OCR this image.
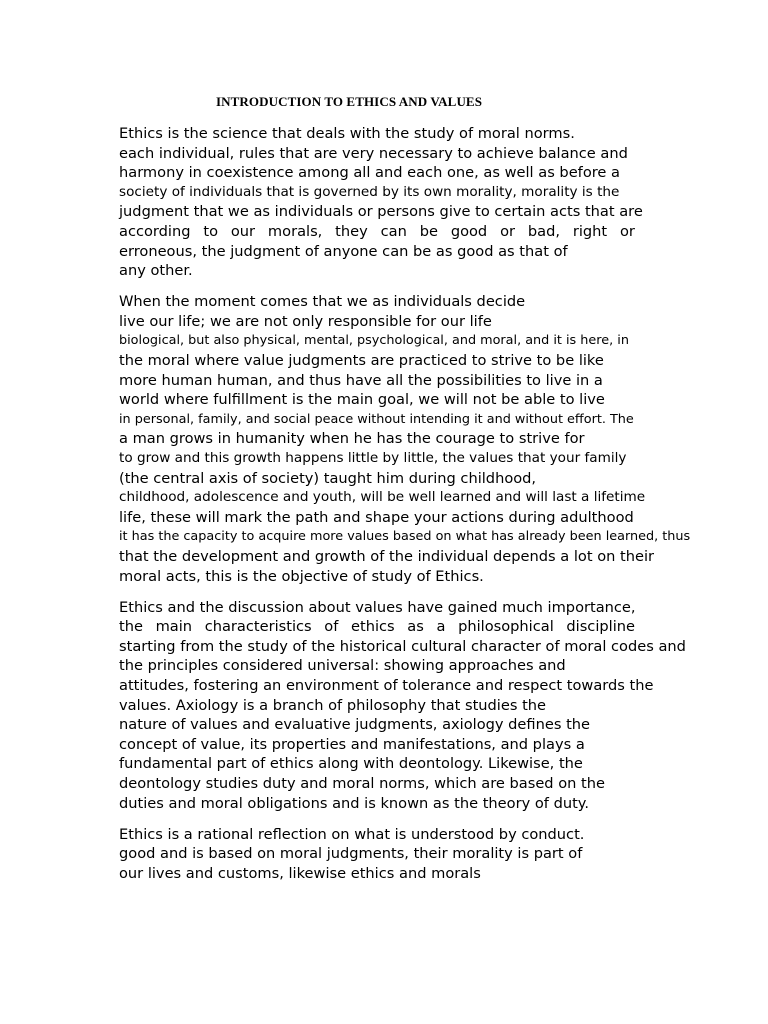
INTRODUCTION TO ETHICS AND VALUES

Ethics is the science that deals with the study of moral norms.
each individual, rules that are very necessary to achieve balance and
harmony in coexistence among all and each one, as well as before a
society of individuals that is governed by its own morality, morality is the
judgment that we as individuals or persons give to certain acts that are
according to our morals, they can be good or bad, right or
erroneous, the judgment of anyone can be as good as that of
any other.

When the moment comes that we as individuals decide
live our life; we are not only responsible for our life
biological, but also physical, mental, psychological, and moral, and it is here, in
the moral where value judgments are practiced to strive to be like
more human human, and thus have all the possibilities to live in a
world where fulfillment is the main goal, we will not be able to live
in personal, family, and social peace without intending it and without effort. The
a man grows in humanity when he has the courage to strive for
to grow and this growth happens little by little, the values that your family
(the central axis of society) taught him during childhood,
childhood, adolescence and youth, will be well learned and will last a lifetime
life, these will mark the path and shape your actions during adulthood
it has the capacity to acquire more values based on what has already been learned, thus
that the development and growth of the individual depends a lot on their
moral acts, this is the objective of study of Ethics.

Ethics and the discussion about values have gained much importance,
the main characteristics of ethics as a philosophical discipline
starting from the study of the historical cultural character of moral codes and
the principles considered universal: showing approaches and
attitudes, fostering an environment of tolerance and respect towards the
values. Axiology is a branch of philosophy that studies the
nature of values and evaluative judgments, axiology defines the
concept of value, its properties and manifestations, and plays a
fundamental part of ethics along with deontology. Likewise, the
deontology studies duty and moral norms, which are based on the
duties and moral obligations and is known as the theory of duty.

Ethics is a rational reflection on what is understood by conduct.
good and is based on moral judgments, their morality is part of
our lives and customs, likewise ethics and morals
